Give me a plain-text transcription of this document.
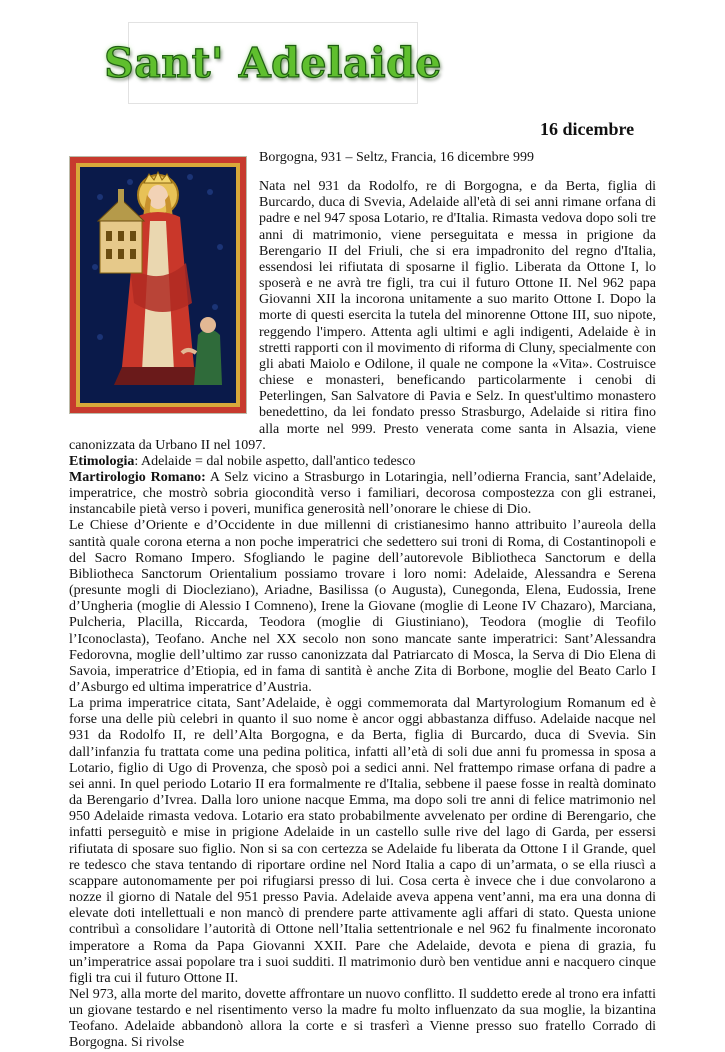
Sant' Adelaide
16 dicembre

Borgogna, 931 – Seltz, Francia, 16 dicembre 999

Nata nel 931 da Rodolfo, re di Borgogna, e da Berta, figlia di Burcardo, duca di Svevia, Adelaide all'età di sei anni rimane orfana di padre e nel 947 sposa Lotario, re d'Italia. Rimasta vedova dopo soli tre anni di matrimonio, viene perseguitata e messa in prigione da Berengario II del Friuli, che si era impadronito del regno d'Italia, essendosi lei rifiutata di sposarne il figlio. Liberata da Ottone I, lo sposerà e ne avrà tre figli, tra cui il futuro Ottone II. Nel 962 papa Giovanni XII la incorona unitamente a suo marito Ottone I. Dopo la morte di questi esercita la tutela del minorenne Ottone III, suo nipote, reggendo l'impero. Attenta agli ultimi e agli indigenti, Adelaide è in stretti rapporti con il movimento di riforma di Cluny, specialmente con gli abati Maiolo e Odilone, il quale ne compone la «Vita». Costruisce chiese e monasteri, beneficando particolarmente i cenobi di Peterlingen, San Salvatore di Pavia e Selz. In quest'ultimo monastero benedettino, da lei fondato presso Strasburgo, Adelaide si ritira fino alla morte nel 999. Presto venerata come santa in Alsazia, viene canonizzata da Urbano II nel 1097.

Etimologia: Adelaide = dal nobile aspetto, dall'antico tedesco

Martirologio Romano: A Selz vicino a Strasburgo in Lotaringia, nell’odierna Francia, sant’Adelaide, imperatrice, che mostrò sobria giocondità verso i familiari, decorosa compostezza con gli estranei, instancabile pietà verso i poveri, munifica generosità nell’onorare le chiese di Dio.

Le Chiese d’Oriente e d’Occidente in due millenni di cristianesimo hanno attribuito l’aureola della santità quale corona eterna a non poche imperatrici che sedettero sui troni di Roma, di Costantinopoli e del Sacro Romano Impero. Sfogliando le pagine dell’autorevole Bibliotheca Sanctorum e della Bibliotheca Sanctorum Orientalium possiamo trovare i loro nomi: Adelaide, Alessandra e Serena (presunte mogli di Diocleziano), Ariadne, Basilissa (o Augusta), Cunegonda, Elena, Eudossia, Irene d’Ungheria (moglie di Alessio I Comneno), Irene la Giovane (moglie di Leone IV Chazaro), Marciana, Pulcheria, Placilla, Riccarda, Teodora (moglie di Giustiniano), Teodora (moglie di Teofilo l’Iconoclasta), Teofano. Anche nel XX secolo non sono mancate sante imperatrici: Sant’Alessandra Fedorovna, moglie dell’ultimo zar russo canonizzata dal Patriarcato di Mosca, la Serva di Dio Elena di Savoia, imperatrice d’Etiopia, ed in fama di santità è anche Zita di Borbone, moglie del Beato Carlo I d’Asburgo ed ultima imperatrice d’Austria.

La prima imperatrice citata, Sant’Adelaide, è oggi commemorata dal Martyrologium Romanum ed è forse una delle più celebri in quanto il suo nome è ancor oggi abbastanza diffuso. Adelaide nacque nel 931 da Rodolfo II, re dell’Alta Borgogna, e da Berta, figlia di Burcardo, duca di Svevia. Sin dall’infanzia fu trattata come una pedina politica, infatti all’età di soli due anni fu promessa in sposa a Lotario, figlio di Ugo di Provenza, che sposò poi a sedici anni. Nel frattempo rimase orfana di padre a sei anni. In quel periodo Lotario II era formalmente re d'Italia, sebbene il paese fosse in realtà dominato da Berengario d’Ivrea. Dalla loro unione nacque Emma, ma dopo soli tre anni di felice matrimonio nel 950 Adelaide rimasta vedova. Lotario era stato probabilmente avvelenato per ordine di Berengario, che infatti perseguitò e mise in prigione Adelaide in un castello sulle rive del lago di Garda, per essersi rifiutata di sposare suo figlio. Non si sa con certezza se Adelaide fu liberata da Ottone I il Grande, quel re tedesco che stava tentando di riportare ordine nel Nord Italia a capo di un’armata, o se ella riuscì a scappare autonomamente per poi rifugiarsi presso di lui. Cosa certa è invece che i due convolarono a nozze il giorno di Natale del 951 presso Pavia. Adelaide aveva appena vent’anni, ma era una donna di elevate doti intellettuali e non mancò di prendere parte attivamente agli affari di stato. Questa unione contribuì a consolidare l’autorità di Ottone nell’Italia settentrionale e nel 962 fu finalmente incoronato imperatore a Roma da Papa Giovanni XXII. Pare che Adelaide, devota e piena di grazia, fu un’imperatrice assai popolare tra i suoi sudditi. Il matrimonio durò ben ventidue anni e nacquero cinque figli tra cui il futuro Ottone II.

Nel 973, alla morte del marito, dovette affrontare un nuovo conflitto. Il suddetto erede al trono era infatti un giovane testardo e nel risentimento verso la madre fu molto influenzato da sua moglie, la bizantina Teofano. Adelaide abbandonò allora la corte e si trasferì a Vienne presso suo fratello Corrado di Borgogna. Si rivolse
